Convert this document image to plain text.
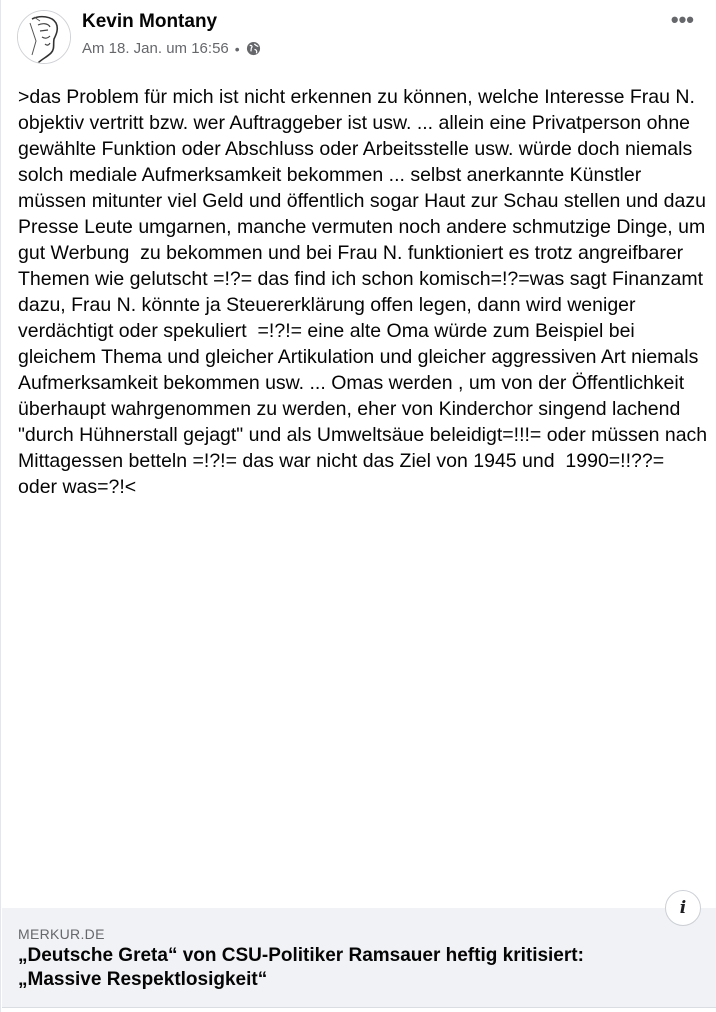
Kevin Montany
Am 18. Jan. um 16:56 •
•••
>das Problem für mich ist nicht erkennen zu können, welche Interesse Frau N. objektiv vertritt bzw. wer Auftraggeber ist usw. ... allein eine Privatperson ohne gewählte Funktion oder Abschluss oder Arbeitsstelle usw. würde doch niemals solch mediale Aufmerksamkeit bekommen ... selbst anerkannte Künstler  müssen mitunter viel Geld und öffentlich sogar Haut zur Schau stellen und dazu Presse Leute umgarnen, manche vermuten noch andere schmutzige Dinge, um gut Werbung  zu bekommen und bei Frau N. funktioniert es trotz angreifbarer Themen wie gelutscht =!?= das find ich schon komisch=!?=was sagt Finanzamt dazu, Frau N. könnte ja Steuererklärung offen legen, dann wird weniger verdächtigt oder spekuliert  =!?!= eine alte Oma würde zum Beispiel bei gleichem Thema und gleicher Artikulation und gleicher aggressiven Art niemals Aufmerksamkeit bekommen usw. ... Omas werden , um von der Öffentlichkeit überhaupt wahrgenommen zu werden, eher von Kinderchor singend lachend  "durch Hühnerstall gejagt" und als Umweltsäue beleidigt=!!!= oder müssen nach Mittagessen betteln =!?!= das war nicht das Ziel von 1945 und  1990=!!??= oder was=?!<
MERKUR.DE
„Deutsche Greta“ von CSU-Politiker Ramsauer heftig kritisiert: „Massive Respektlosigkeit“
i
